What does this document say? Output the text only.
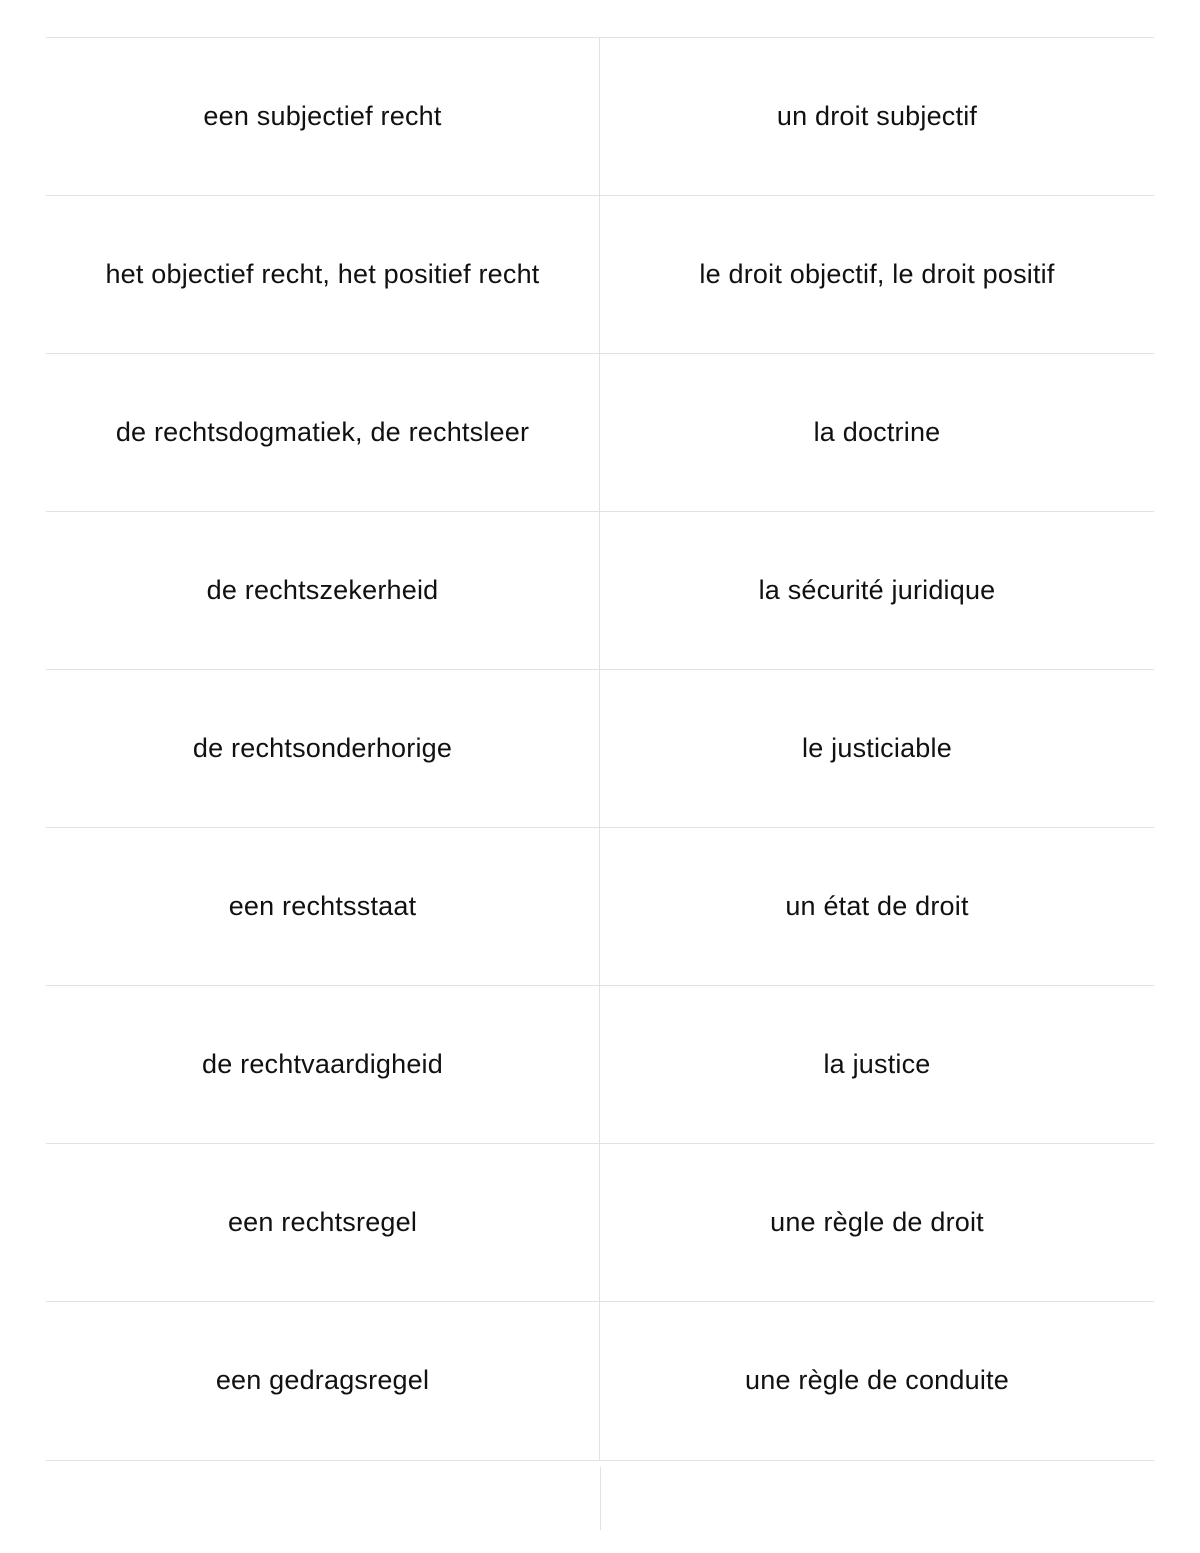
een subjectief recht	un droit subjectif
het objectief recht, het positief recht	le droit objectif, le droit positif
de rechtsdogmatiek, de rechtsleer	la doctrine
de rechtszekerheid	la sécurité juridique
de rechtsonderhorige	le justiciable
een rechtsstaat	un état de droit
de rechtvaardigheid	la justice
een rechtsregel	une règle de droit
een gedragsregel	une règle de conduite
